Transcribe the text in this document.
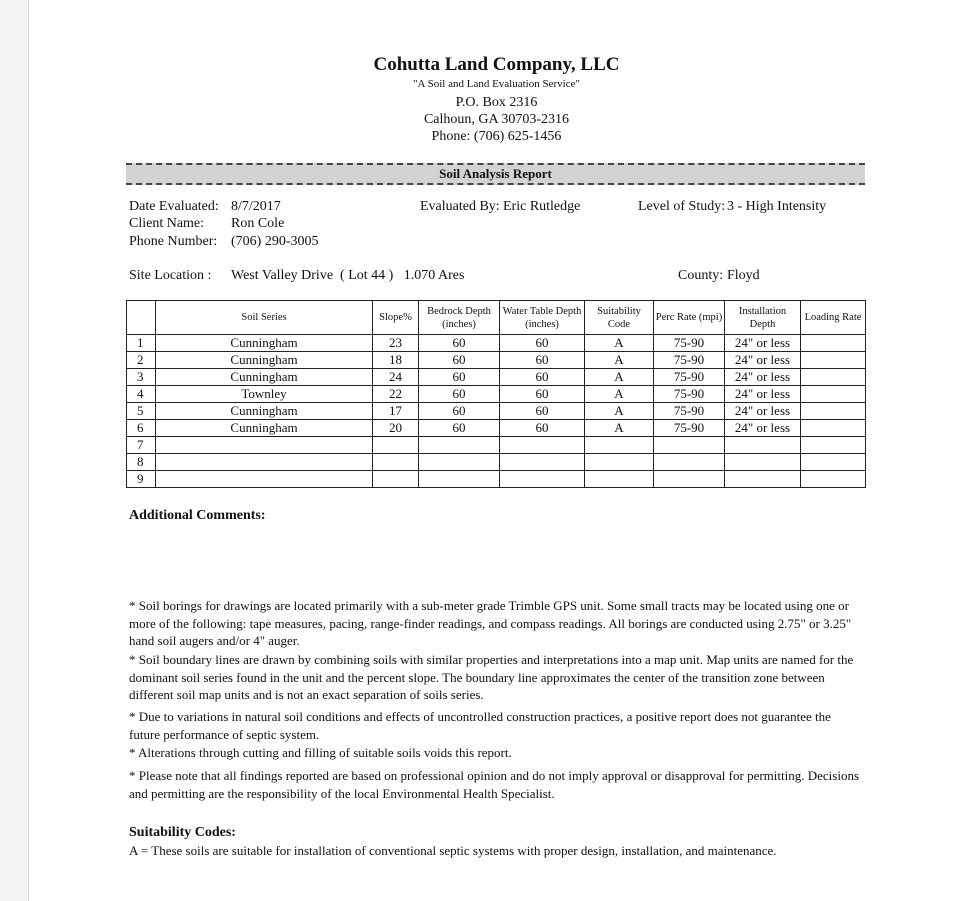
Cohutta Land Company, LLC
"A Soil and Land Evaluation Service"
P.O. Box 2316
Calhoun, GA 30703-2316
Phone: (706) 625-1456
Soil Analysis Report
Date Evaluated: 8/7/2017
Client Name: Ron Cole
Phone Number: (706) 290-3005
Evaluated By: Eric Rutledge	Level of Study: 3 - High Intensity
Site Location : West Valley Drive  ( Lot 44 )   1.070 Ares	County: Floyd
	Soil Series	Slope%	Bedrock Depth (inches)	Water Table Depth (inches)	Suitability Code	Perc Rate (mpi)	Installation Depth	Loading Rate
1	Cunningham	23	60	60	A	75-90	24" or less	
2	Cunningham	18	60	60	A	75-90	24" or less	
3	Cunningham	24	60	60	A	75-90	24" or less	
4	Townley	22	60	60	A	75-90	24" or less	
5	Cunningham	17	60	60	A	75-90	24" or less	
6	Cunningham	20	60	60	A	75-90	24" or less	
7								
8								
9								
Additional Comments:
* Soil borings for drawings are located primarily with a sub-meter grade Trimble GPS unit. Some small tracts may be located using one or more of the following: tape measures, pacing, range-finder readings, and compass readings. All borings are conducted using 2.75" or 3.25" hand soil augers and/or 4" auger.
* Soil boundary lines are drawn by combining soils with similar properties and interpretations into a map unit. Map units are named for the dominant soil series found in the unit and the percent slope. The boundary line approximates the center of the transition zone between different soil map units and is not an exact separation of soils series.
* Due to variations in natural soil conditions and effects of uncontrolled construction practices, a positive report does not guarantee the future performance of septic system.
* Alterations through cutting and filling of suitable soils voids this report.
* Please note that all findings reported are based on professional opinion and do not imply approval or disapproval for permitting. Decisions and permitting are the responsibility of the local Environmental Health Specialist.
Suitability Codes:
A = These soils are suitable for installation of conventional septic systems with proper design, installation, and maintenance.
